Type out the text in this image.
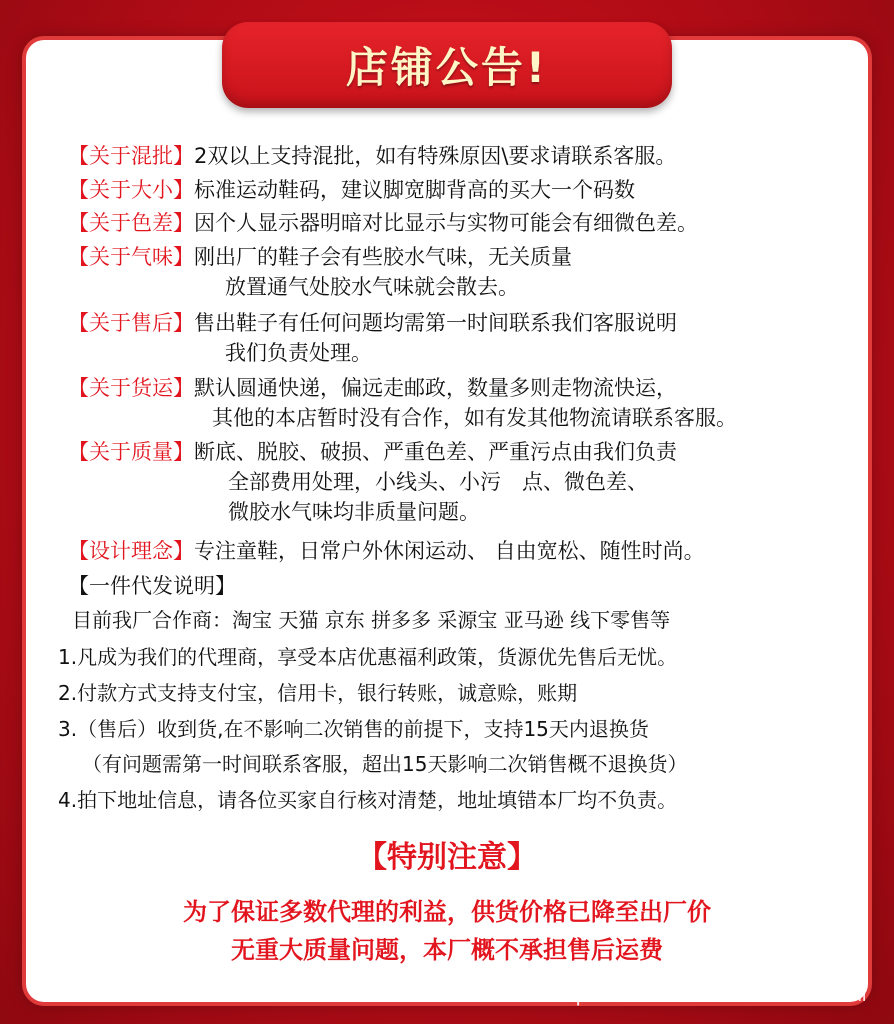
店铺公告!
【关于混批】2双以上支持混批，如有特殊原因\要求请联系客服。
【关于大小】标准运动鞋码，建议脚宽脚背高的买大一个码数
【关于色差】因个人显示器明暗对比显示与实物可能会有细微色差。
【关于气味】刚出厂的鞋子会有些胶水气味，无关质量
放置通气处胶水气味就会散去。
【关于售后】售出鞋子有任何问题均需第一时间联系我们客服说明
我们负责处理。
【关于货运】默认圆通快递，偏远走邮政，数量多则走物流快运，
其他的本店暂时没有合作，如有发其他物流请联系客服。
【关于质量】断底、脱胶、破损、严重色差、严重污点由我们负责
全部费用处理，小线头、小污　点、微色差、
微胶水气味均非质量问题。
【设计理念】专注童鞋，日常户外休闲运动、 自由宽松、随性时尚。
【一件代发说明】
目前我厂合作商：淘宝 天猫 京东 拼多多 采源宝 亚马逊 线下零售等
1.凡成为我们的代理商，享受本店优惠福利政策，货源优先售后无忧。
2.付款方式支持支付宝，信用卡，银行转账，诚意赊，账期
3.（售后）收到货,在不影响二次销售的前提下，支持15天内退换货
（有问题需第一时间联系客服，超出15天影响二次销售概不退换货）
4.拍下地址信息，请各位买家自行核对清楚，地址填错本厂均不负责。
【特别注意】
为了保证多数代理的利益，供货价格已降至出厂价
无重大质量问题，本厂概不承担售后运费
shop4r0744128v285.1688.com
